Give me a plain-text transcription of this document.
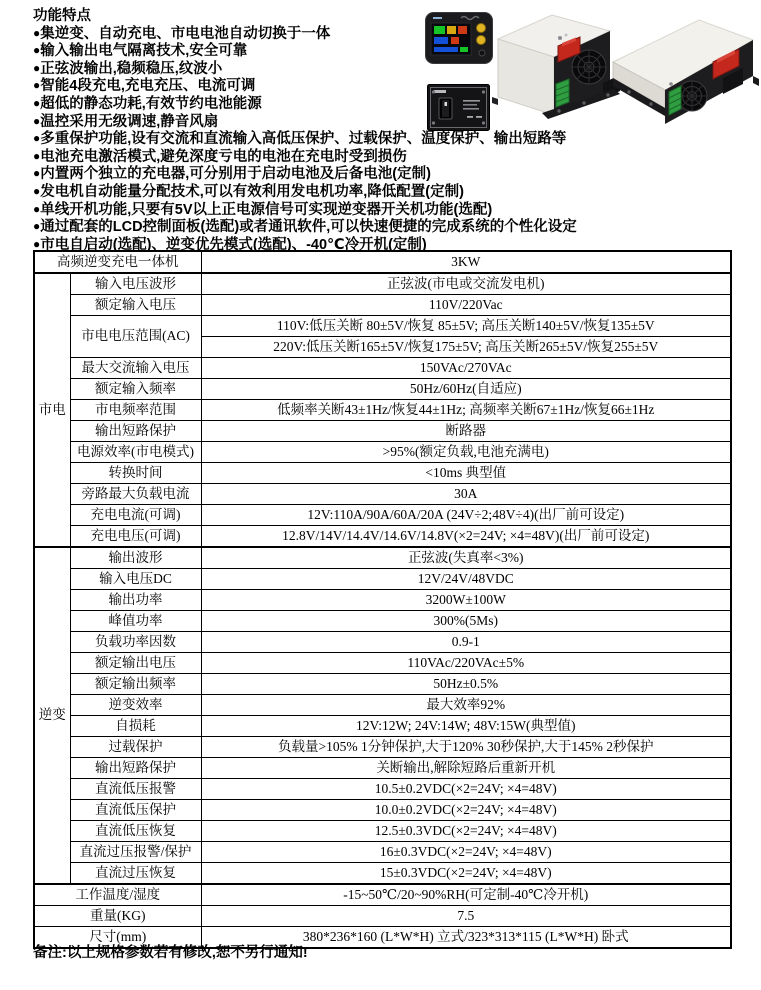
功能特点
●集逆变、自动充电、市电电池自动切换于一体
●输入输出电气隔离技术,安全可靠
●正弦波输出,稳频稳压,纹波小
●智能4段充电,充电充压、电流可调
●超低的静态功耗,有效节约电池能源
●温控采用无级调速,静音风扇
●多重保护功能,设有交流和直流输入高低压保护、过载保护、温度保护、输出短路等
●电池充电激活模式,避免深度亏电的电池在充电时受到损伤
●内置两个独立的充电器,可分别用于启动电池及后备电池(定制)
●发电机自动能量分配技术,可以有效利用发电机功率,降低配置(定制)
●单线开机功能,只要有5V以上正电源信号可实现逆变器开关机功能(选配)
●通过配套的LCD控制面板(选配)或者通讯软件,可以快速便捷的完成系统的个性化设定
●市电自启动(选配)、逆变优先模式(选配)、-40℃冷开机(定制)
高频逆变充电一体机		3KW
市电	输入电压波形	正弦波(市电或交流发电机)
	额定输入电压	110V/220Vac
	市电电压范围(AC)	110V:低压关断 80±5V/恢复 85±5V; 高压关断140±5V/恢复135±5V
		220V:低压关断165±5V/恢复175±5V; 高压关断265±5V/恢复255±5V
	最大交流输入电压	150VAc/270VAc
	额定输入频率	50Hz/60Hz(自适应)
	市电频率范围	低频率关断43±1Hz/恢复44±1Hz; 高频率关断67±1Hz/恢复66±1Hz
	输出短路保护	断路器
	电源效率(市电模式)	>95%(额定负载,电池充满电)
	转换时间	<10ms 典型值
	旁路最大负载电流	30A
	充电电流(可调)	12V:110A/90A/60A/20A (24V÷2;48V÷4)(出厂前可设定)
	充电电压(可调)	12.8V/14V/14.4V/14.6V/14.8V(×2=24V; ×4=48V)(出厂前可设定)
逆变	输出波形	正弦波(失真率<3%)
	输入电压DC	12V/24V/48VDC
	输出功率	3200W±100W
	峰值功率	300%(5Ms)
	负载功率因数	0.9-1
	额定输出电压	110VAc/220VAc±5%
	额定输出频率	50Hz±0.5%
	逆变效率	最大效率92%
	自损耗	12V:12W; 24V:14W; 48V:15W(典型值)
	过载保护	负载量>105% 1分钟保护,大于120% 30秒保护,大于145% 2秒保护
	输出短路保护	关断输出,解除短路后重新开机
	直流低压报警	10.5±0.2VDC(×2=24V; ×4=48V)
	直流低压保护	10.0±0.2VDC(×2=24V; ×4=48V)
	直流低压恢复	12.5±0.3VDC(×2=24V; ×4=48V)
	直流过压报警/保护	16±0.3VDC(×2=24V; ×4=48V)
	直流过压恢复	15±0.3VDC(×2=24V; ×4=48V)
工作温度/湿度		-15~50℃/20~90%RH(可定制-40℃冷开机)
重量(KG)		7.5
尺寸(mm)		380*236*160 (L*W*H) 立式/323*313*115 (L*W*H) 卧式
备注:以上规格参数若有修改,恕不另行通知!
